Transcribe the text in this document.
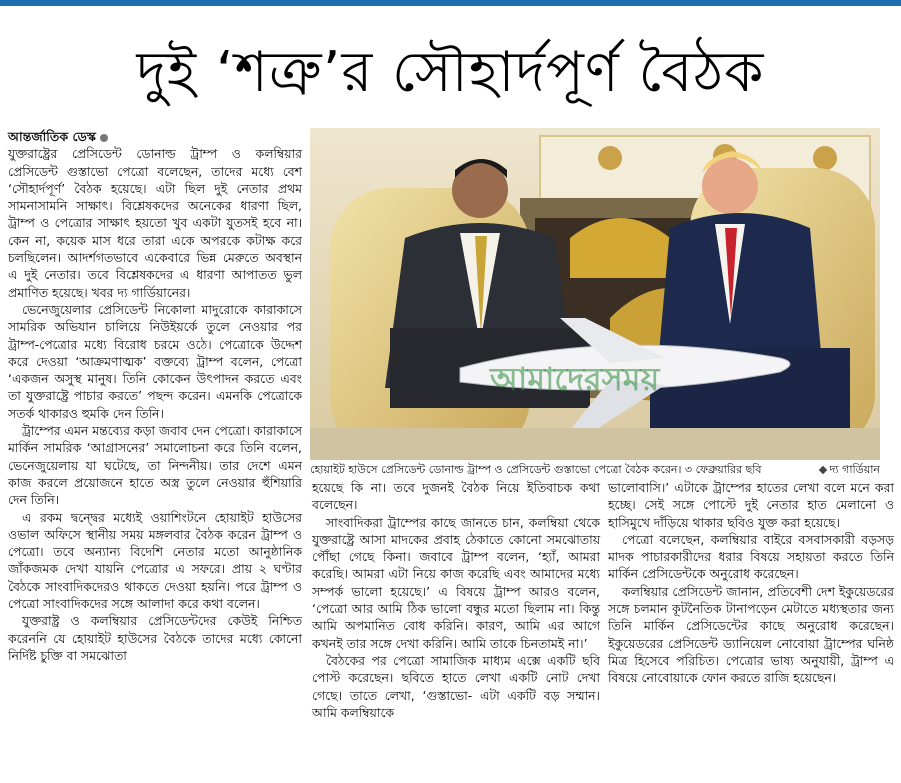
দুই ‘শত্রু’র সৌহার্দপূর্ণ বৈঠক
আন্তর্জাতিক ডেস্ক

যুক্তরাষ্ট্রের প্রেসিডেন্ট ডোনাল্ড ট্রাম্প ও কলম্বিয়ার প্রেসিডেন্ট গুস্তাভো পেত্রো বলেছেন, তাদের মধ্যে বেশ ‘সৌহার্দপূর্ণ’ বৈঠক হয়েছে। এটা ছিল দুই নেতার প্রথম সামনাসামনি সাক্ষাৎ। বিশ্লেষকদের অনেকের ধারণা ছিল, ট্রাম্প ও পেত্রোর সাক্ষাৎ হয়তো খুব একটা যুতসই হবে না। কেন না, কয়েক মাস ধরে তারা একে অপরকে কটাক্ষ করে চলছিলেন। আদর্শগতভাবে একেবারে ভিন্ন মেরুতে অবস্থান এ দুই নেতার। তবে বিশ্লেষকদের এ ধারণা আপাতত ভুল প্রমাণিত হয়েছে। খবর দ্য গার্ডিয়ানের।

ভেনেজুয়েলার প্রেসিডেন্ট নিকোলা মাদুরোকে কারাকাসে সামরিক অভিযান চালিয়ে নিউইয়র্কে তুলে নেওয়ার পর ট্রাম্প-পেত্রোর মধ্যে বিরোধ চরমে ওঠে। পেত্রোকে উদ্দেশ করে দেওয়া ‘আক্রমণাত্মক’ বক্তব্যে ট্রাম্প বলেন, পেত্রো ‘একজন অসুস্থ মানুষ। তিনি কোকেন উৎপাদন করতে এবং তা যুক্তরাষ্ট্রে পাচার করতে’ পছন্দ করেন। এমনকি পেত্রোকে সতর্ক থাকারও হুমকি দেন তিনি।

ট্রাম্পের এমন মন্তব্যের কড়া জবাব দেন পেত্রো। কারাকাসে মার্কিন সামরিক ‘আগ্রাসনের’ সমালোচনা করে তিনি বলেন, ভেনেজুয়েলায় যা ঘটেছে, তা নিন্দনীয়। তার দেশে এমন কাজ করলে প্রয়োজনে হাতে অস্ত্র তুলে নেওয়ার হুঁশিয়ারি দেন তিনি।

এ রকম দ্বন্দ্বের মধ্যেই ওয়াশিংটনে হোয়াইট হাউসের ওভাল অফিসে স্থানীয় সময় মঙ্গলবার বৈঠক করেন ট্রাম্প ও পেত্রো। তবে অন্যান্য বিদেশি নেতার মতো আনুষ্ঠানিক জাঁকজমক দেখা যায়নি পেত্রোর এ সফরে। প্রায় ২ ঘণ্টার বৈঠকে সাংবাদিকদেরও থাকতে দেওয়া হয়নি। পরে ট্রাম্প ও পেত্রো সাংবাদিকদের সঙ্গে আলাদা করে কথা বলেন।

যুক্তরাষ্ট্র ও কলম্বিয়ার প্রেসিডেন্টদের কেউই নিশ্চিত করেননি যে হোয়াইট হাউসের বৈঠকে তাদের মধ্যে কোনো নির্দিষ্ট চুক্তি বা সমঝোতা

আমাদেরসময়
হোয়াইট হাউসে প্রেসিডেন্ট ডোনাল্ড ট্রাম্প ও প্রেসিডেন্ট গুস্তাভো পেত্রো বৈঠক করেন। ৩ ফেব্রুয়ারির ছবি	দ্য গার্ডিয়ান

হয়েছে কি না। তবে দুজনই বৈঠক নিয়ে ইতিবাচক কথা বলেছেন।

সাংবাদিকরা ট্রাম্পের কাছে জানতে চান, কলম্বিয়া থেকে যুক্তরাষ্ট্রে আসা মাদকের প্রবাহ ঠেকাতে কোনো সমঝোতায় পৌঁছা গেছে কিনা। জবাবে ট্রাম্প বলেন, ‘হ্যাঁ, আমরা করেছি। আমরা এটা নিয়ে কাজ করেছি এবং আমাদের মধ্যে সম্পর্ক ভালো হয়েছে।’ এ বিষয়ে ট্রাম্প আরও বলেন, ‘পেত্রো আর আমি ঠিক ভালো বন্ধুর মতো ছিলাম না। কিন্তু আমি অপমানিত বোধ করিনি। কারণ, আমি এর আগে কখনই তার সঙ্গে দেখা করিনি। আমি তাকে চিনতামই না।’

বৈঠকের পর পেত্রো সামাজিক মাধ্যম এক্সে একটি ছবি পোস্ট করেছেন। ছবিতে হাতে লেখা একটি নোট দেখা গেছে। তাতে লেখা, ‘গুস্তাভো- এটা একটি বড় সম্মান। আমি কলম্বিয়াকে

ভালোবাসি।’ এটাকে ট্রাম্পের হাতের লেখা বলে মনে করা হচ্ছে। সেই সঙ্গে পোস্টে দুই নেতার হাত মেলানো ও হাসিমুখে দাঁড়িয়ে থাকার ছবিও যুক্ত করা হয়েছে।

পেত্রো বলেছেন, কলম্বিয়ার বাইরে বসবাসকারী বড়সড় মাদক পাচারকারীদের ধরার বিষয়ে সহায়তা করতে তিনি মার্কিন প্রেসিডেন্টকে অনুরোধ করেছেন।

কলম্বিয়ার প্রেসিডেন্ট জানান, প্রতিবেশী দেশ ইকুয়েডরের সঙ্গে চলমান কূটনৈতিক টানাপড়েন মেটাতে মধ্যস্থতার জন্য তিনি মার্কিন প্রেসিডেন্টের কাছে অনুরোধ করেছেন। ইকুয়েডরের প্রেসিডেন্ট ড্যানিয়েল নোবোয়া ট্রাম্পের ঘনিষ্ঠ মিত্র হিসেবে পরিচিত। পেত্রোর ভাষ্য অনুযায়ী, ট্রাম্প এ বিষয়ে নোবোয়াকে ফোন করতে রাজি হয়েছেন।
